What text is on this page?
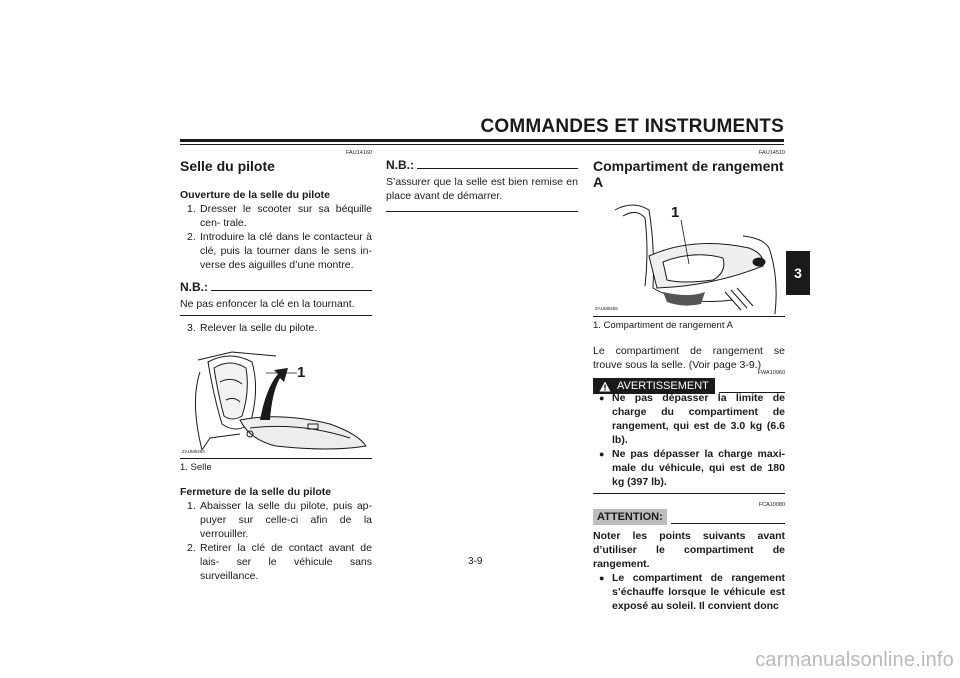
COMMANDES ET INSTRUMENTS
3
FAU14160
Selle du pilote
Ouverture de la selle du pilote
1. Dresser le scooter sur sa béquille cen- trale.
2. Introduire la clé dans le contacteur à clé, puis la tourner dans le sens in- verse des aiguilles d’une montre.
N.B.:
Ne pas enfoncer la clé en la tournant.
3. Relever la selle du pilote.
1
ZAUM0264
1. Selle
Fermeture de la selle du pilote
1. Abaisser la selle du pilote, puis ap- puyer sur celle-ci afin de la verrouiller.
2. Retirer la clé de contact avant de lais- ser le véhicule sans surveillance.
N.B.:
S’assurer que la selle est bien remise en place avant de démarrer.
FAU14510
Compartiment de rangement A
1
ZAUM0265
1. Compartiment de rangement A
Le compartiment de rangement se trouve sous la selle. (Voir page 3-9.)
AVERTISSEMENT
FWA10960
● Ne pas dépasser la limite de charge du compartiment de rangement, qui est de 3.0 kg (6.6 lb).
● Ne pas dépasser la charge maxi- male du véhicule, qui est de 180 kg (397 lb).
FCA10080
ATTENTION:
Noter les points suivants avant d’utiliser le compartiment de rangement.
● Le compartiment de rangement s’échauffe lorsque le véhicule est exposé au soleil. Il convient donc
3-9
carmanualsonline.info
